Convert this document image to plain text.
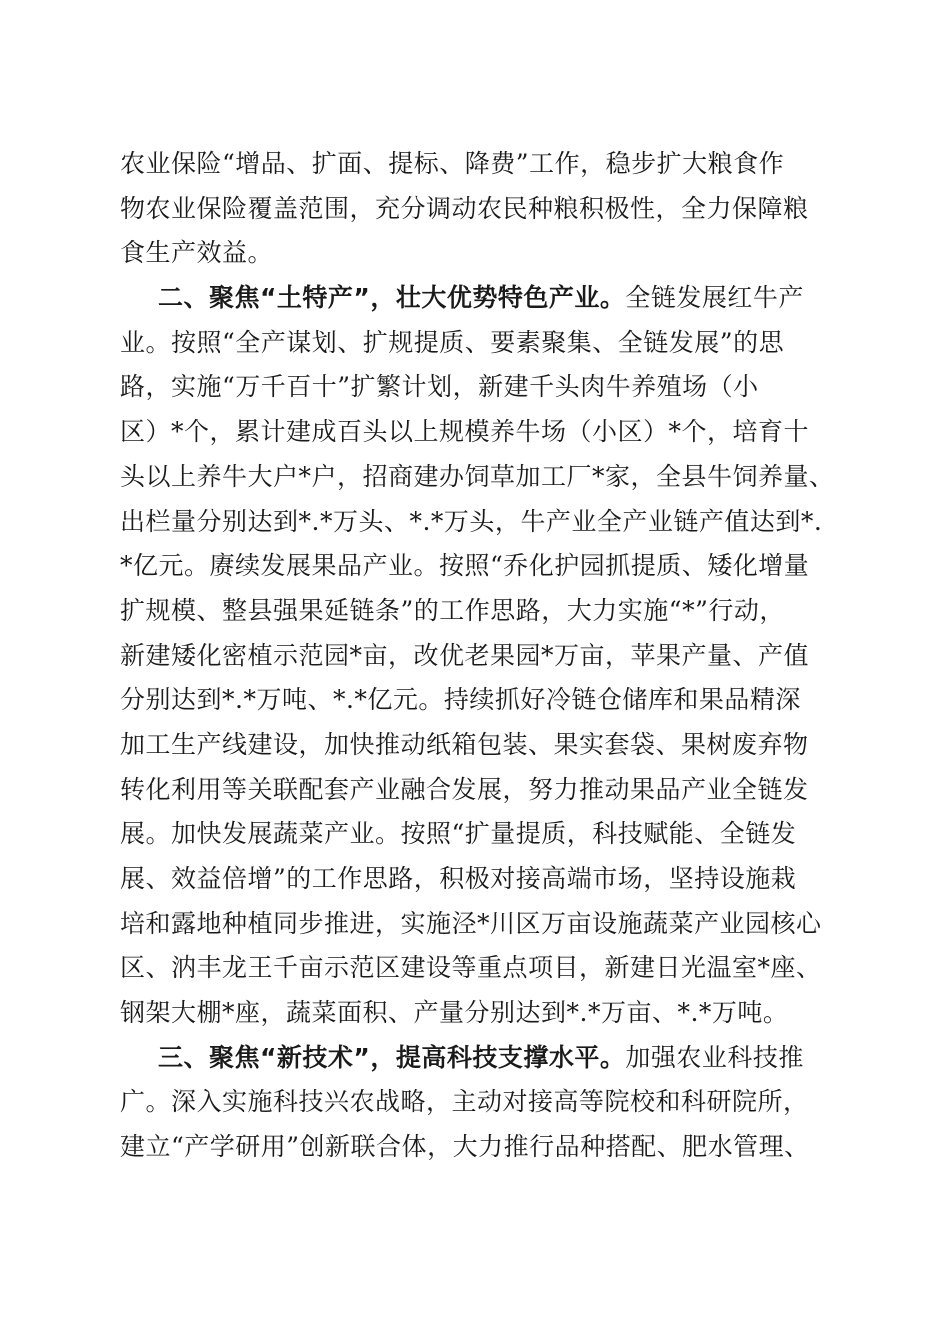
农业保险“增品、扩面、提标、降费”工作，稳步扩大粮食作
物农业保险覆盖范围，充分调动农民种粮积极性，全力保障粮
食生产效益。
二、聚焦“土特产”，壮大优势特色产业。全链发展红牛产
业。按照“全产谋划、扩规提质、要素聚集、全链发展”的思
路，实施“万千百十”扩繁计划，新建千头肉牛养殖场（小
区）*个，累计建成百头以上规模养牛场（小区）*个，培育十
头以上养牛大户*户，招商建办饲草加工厂*家，全县牛饲养量、
出栏量分别达到*.*万头、*.*万头，牛产业全产业链产值达到*.
*亿元。赓续发展果品产业。按照“乔化护园抓提质、矮化增量
扩规模、整县强果延链条”的工作思路，大力实施“*”行动，
新建矮化密植示范园*亩，改优老果园*万亩，苹果产量、产值
分别达到*.*万吨、*.*亿元。持续抓好冷链仓储库和果品精深
加工生产线建设，加快推动纸箱包装、果实套袋、果树废弃物
转化利用等关联配套产业融合发展，努力推动果品产业全链发
展。加快发展蔬菜产业。按照“扩量提质，科技赋能、全链发
展、效益倍增”的工作思路，积极对接高端市场，坚持设施栽
培和露地种植同步推进，实施泾*川区万亩设施蔬菜产业园核心
区、汭丰龙王千亩示范区建设等重点项目，新建日光温室*座、
钢架大棚*座，蔬菜面积、产量分别达到*.*万亩、*.*万吨。
三、聚焦“新技术”，提高科技支撑水平。加强农业科技推
广。深入实施科技兴农战略，主动对接高等院校和科研院所，
建立“产学研用”创新联合体，大力推行品种搭配、肥水管理、
